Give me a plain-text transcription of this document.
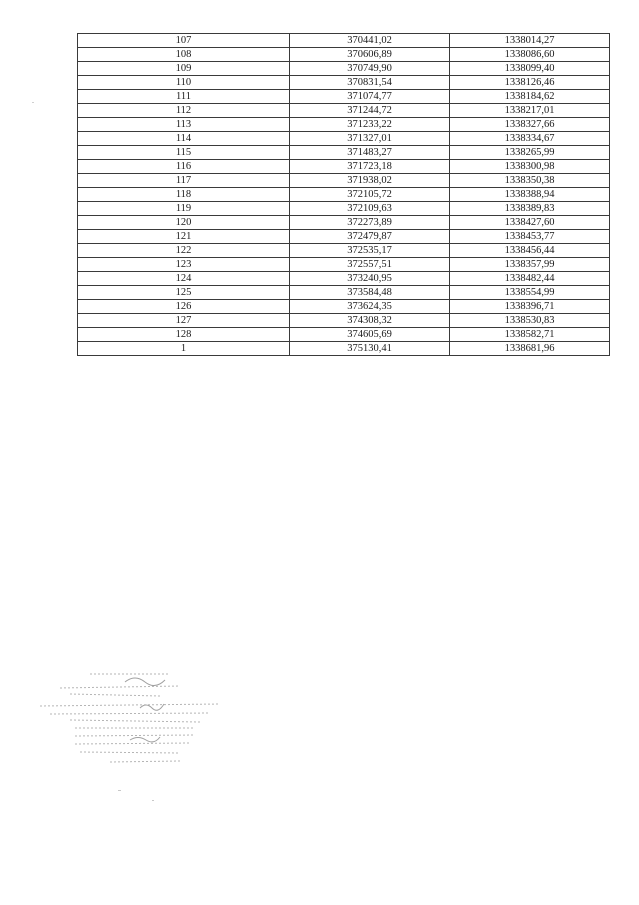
107	370441,02	1338014,27
108	370606,89	1338086,60
109	370749,90	1338099,40
110	370831,54	1338126,46
111	371074,77	1338184,62
112	371244,72	1338217,01
113	371233,22	1338327,66
114	371327,01	1338334,67
115	371483,27	1338265,99
116	371723,18	1338300,98
117	371938,02	1338350,38
118	372105,72	1338388,94
119	372109,63	1338389,83
120	372273,89	1338427,60
121	372479,87	1338453,77
122	372535,17	1338456,44
123	372557,51	1338357,99
124	373240,95	1338482,44
125	373584,48	1338554,99
126	373624,35	1338396,71
127	374308,32	1338530,83
128	374605,69	1338582,71
1	375130,41	1338681,96
